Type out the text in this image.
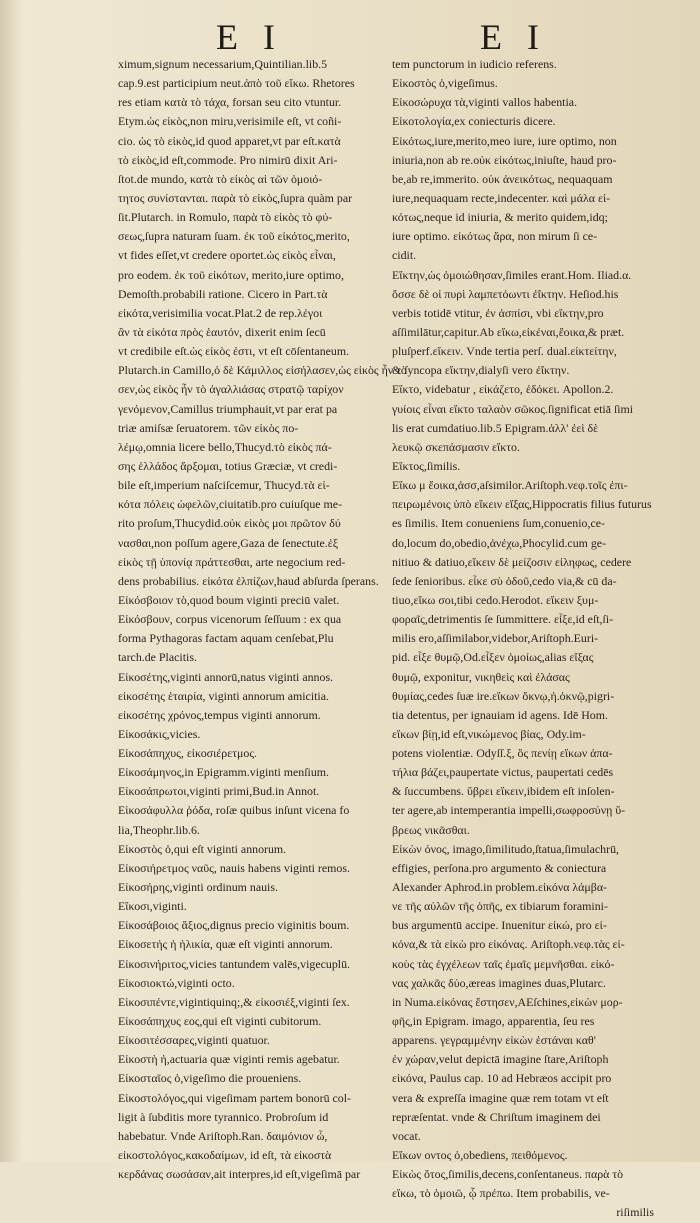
E I	E I
ximum,signum necessarium,Quintilian.lib.5
cap.9.est participium neut.ἀπὸ τοῦ εἴκω. Rhetores
res etiam κατὰ τὸ τάχα, forsan seu cito vtuntur.
Etym.ὡς εἰκὸς,non miru,verisimile eſt, vt coñi-
cio. ὡς τὸ εἰκὸς,id quod apparet,vt par eſt.κατὰ
τὸ εἰκὸς,id eſt,commode. Pro nimirū dixit Ari-
ſtot.de mundo, κατὰ τὸ εἰκὸς αἱ τῶν ὁμοιό-
τητος συνίστανται. παρὰ τὸ εἰκὸς,ſupra quàm par
ſit.Plutarch. in Romulo, παρὰ τὸ εἰκὸς τὸ φύ-
σεως,ſupra naturam ſuam. ἐκ τοῦ εἰκότος,merito,
vt fides eſſet,vt credere oportet.ὡς εἰκὸς εἶναι,
pro eodem. ἐκ τοῦ εἰκότων, merito,iure optimo,
Demoſth.probabili ratione. Cicero in Part.τὰ
εἰκότα,verisimilia vocat.Plat.2 de rep.λέγοι
ἂν τὰ εἰκότα πρὸς ἑαυτόν, dixerit enim ſecū
vt credibile eſt.ὡς εἰκὸς ἐστι, vt eſt cōſentaneum.
Plutarch.in Camillo,ὁ δὲ Κάμιλλος εἰσήλασεν,ὡς εἰκὸς ἦν τὸ
σεν,ὡς εἰκὸς ἦν τὸ ἀγαλλιάσας στρατῷ ταρίχον
γενόμενον,Camillus triumphauit,vt par erat pa
triæ amiſsæ ſeruatorem. τῶν εἰκὸς πο-
λέμῳ,omnia licere bello,Thucyd.τὸ εἰκὸς πά-
σης ἑλλάδος ἄρξομαι, totius Græciæ, vt credi-
bile eſt,imperium naſciſcemur, Thucyd.τὰ εἰ-
κότα πόλεις ὠφελῶν,ciuitatib.pro cuiuſque me-
rito proſum,Thucydid.οὐκ εἰκὸς μοι πρῶτον δύ
νασθαι,non poſſum agere,Gaza de ſenectute.ἐξ
εἰκὸς τῇ ὑπονίᾳ πράττεσθαι, arte negocium red-
dens probabilius. εἰκότα ἐλπίζων,haud abſurda ſperans.
Εἰκόσβοιον τὸ,quod boum viginti preciū valet.
Εἰκόσβουν, corpus vicenorum ſeſſuum : ex qua
forma Pythagoras factam aquam cenſebat,Plu
tarch.de Placitis.
Εἰκοσέτης,viginti annorū,natus viginti annos.
εἰκοσέτης ἑταιρία, viginti annorum amicitia.
εἰκοσέτης χρόνος,tempus viginti annorum.
Εἰκοσάκις,vicies.
Εἰκοσάπηχυς, εἰκοσιέρετμος.
Εἰκοσάμηνος,in Epigramm.viginti menſium.
Εἰκοσάπρωτοι,viginti primi,Bud.in Annot.
Εἰκοσάφυλλα ῥόδα, roſæ quibus inſunt vicena fo
lia,Theophr.lib.6.
Εἰκοστὸς ὁ,qui eſt viginti annorum.
Εἰκοσιήρετμος ναῦς, nauis habens viginti remos.
Εἰκοσήρης,viginti ordinum nauis.
Εἴκοσι,viginti.
Εἰκοσάβοιος ἄξιος,dignus precio viginitis boum.
Εἰκοσετής ἡ ἡλικία, quæ eſt viginti annorum.
Εἰκοσινήριτος,vicies tantundem valēs,vigecuplū.
Εἰκοσιοκτώ,viginti octo.
Εἰκοσιπέντε,vigintiquinq;,& εἰκοσιέξ,viginti ſex.
Εἰκοσάπηχυς εος,qui eſt viginti cubitorum.
Εἰκοσιτέσσαρες,viginti quatuor.
Εἰκοστὴ ἡ,actuaria quæ viginti remis agebatur.
Εἰκοσταῖος ὁ,vigeſimo die proueniens.
Εἰκοστολόγος,qui vigeſimam partem bonorū col-
ligit à ſubditis more tyrannico. Probroſum id
habebatur. Vnde Ariſtoph.Ran. δαιμόνιον ὦ,
εἰκοστολόγος,κακοδαίμων, id eſt, τὰ εἰκοστὰ
κερδάνας σωσάσαν,ait interpres,id eſt,vigeſimā par
tem punctorum in iudicio referens.
Εἰκοστὸς ὁ,vigeſimus.
Εἰκοσώρυχα τὰ,viginti vallos habentia.
Εἰκοτολογία,ex coniecturis dicere.
Εἰκότως,iure,merito,meo iure, iure optimo, non
iniuria,non ab re.οὐκ εἰκότως,iniuſte, haud pro-
be,ab re,immerito. οὐκ ἀνεικότως, nequaquam
iure,nequaquam recte,indecenter. καὶ μάλα εἰ-
κότως,neque id iniuria, & merito quidem,idq;
iure optimo. εἰκότως ἄρα, non mirum ſi ce-
cidit.
Εἴκτην,ὡς ὁμοιώθησαν,ſimiles erant.Hom. Iliad.α.
ὅσσε δὲ οἱ πυρὶ λαμπετόωντι ἐΐκτην. Heſiod.his
verbis totidē vtitur, ἐν ἀσπίσι, vbi εἴκτην,pro
aſſimilātur,capitur.Ab εἴκω,εἰκέναι,ἔοικα,& præt.
pluſperf.εἴκειν. Vnde tertia perſ. dual.εἰκτείτην,
& ſyncopa εἴκτην,dialyſi vero ἐΐκτην.
Εἴκτο, videbatur , εἰκάζετο, ἐδόκει. Apollon.2.
γυίοις εἶναι εἴκτο ταλαὸν σῶκος.ſignificat etiā ſimi
lis erat cumdatiuo.lib.5 Epigram.ἀλλ' ἐεὶ δὲ
λευκῷ σκεπάσμασιν εἴκτο.
Εἴκτος,ſimilis.
Εἴκω μ ἔοικα,ἀσσ,aſsimilor.Ariſtoph.νεφ.τοῖς ἐπι-
πειρωμένοις ὑπὸ εἴκειν εἴξας,Hippocratis filius futurus
es ſimilis. Item conueniens ſum,conuenio,ce-
do,locum do,obedio,ἀνέχω,Phocylid.cum ge-
nitiuo & datiuo,εἴκειν δὲ μείζοσιν εἰληφως, cedere
ſede ſenioribus. εἶκε σὺ ὁδοῦ,cedo via,& cū da-
tiuo,εἴκω σοι,tibi cedo.Herodot. εἴκειν ξυμ-
φοραῖς,detrimentis ſe ſummittere. εἶξε,id eſt,ſi-
milis ero,aſſimilabor,videbor,Ariſtoph.Euri-
pid. εἶξε θυμῷ,Od.εἶξεν ὁμοίως,alias εἴξας
θυμῷ, exponitur, νικηθεὶς καὶ ἐλάσας
θυμίας,cedes ſuæ ire.εἴκων ὄκνῳ,ἡ.ὀκνῷ,pigri-
tia detentus, per ignauiam id agens. Idē Hom.
εἴκων βίῃ,id eſt,νικώμενος βίας, Ody.im-
potens violentiæ. Odyſſ.ξ, ὃς πενίῃ εἴκων ἀπα-
τήλια βάζει,paupertate victus, paupertati cedēs
& ſuccumbens. ὕβρει εἴκειν,ibidem eſt inſolen-
ter agere,ab intemperantia impelli,σωφροσύνῃ ὕ-
βρεως νικᾶσθαι.
Εἰκὼν όνος, imago,ſimilitudo,ſtatua,ſimulachrū,
effigies, perſona.pro argumento & coniectura
Alexander Aphrod.in problem.εἰκόνα λάμβα-
νε τῆς αὐλῶν τῆς ὀπῆς, ex tibiarum foramini-
bus argumentū accipe. Inuenitur εἰκώ, pro εἰ-
κόνα,& τὰ εἰκὼ pro εἰκόνας. Ariſtoph.νεφ.τὰς εἰ-
κοὺς τὰς ἐγχέλεων ταῖς ἐμαῖς μεμνῆσθαι. εἰκό-
νας χαλκᾶς δύο,æreas imagines duas,Plutarc.
in Numa.εἰκόνας ἔστησεν,AEſchines,εἰκὼν μορ-
φῆς,in Epigram. imago, apparentia, ſeu res
apparens. γεγραμμένην εἰκὼν ἑστάναι καθ'
ἐν χώραν,velut depictā imagine ſtare,Ariſtoph
εἰκόνα, Paulus cap. 10 ad Hebræos accipit pro
vera & expreſſa imagine quæ rem totam vt eſt
repræſentat. vnde & Chriſtum imaginem dei
vocat.
Εἴκων οντος ὁ,obediens, πειθόμενος.
Εἰκὼς ὅτος,ſimilis,decens,conſentaneus. παρὰ τὸ
εἴκω, τὸ ὁμοιῶ, ᾧ πρέπω. Item probabilis, ve-
riſimilis
